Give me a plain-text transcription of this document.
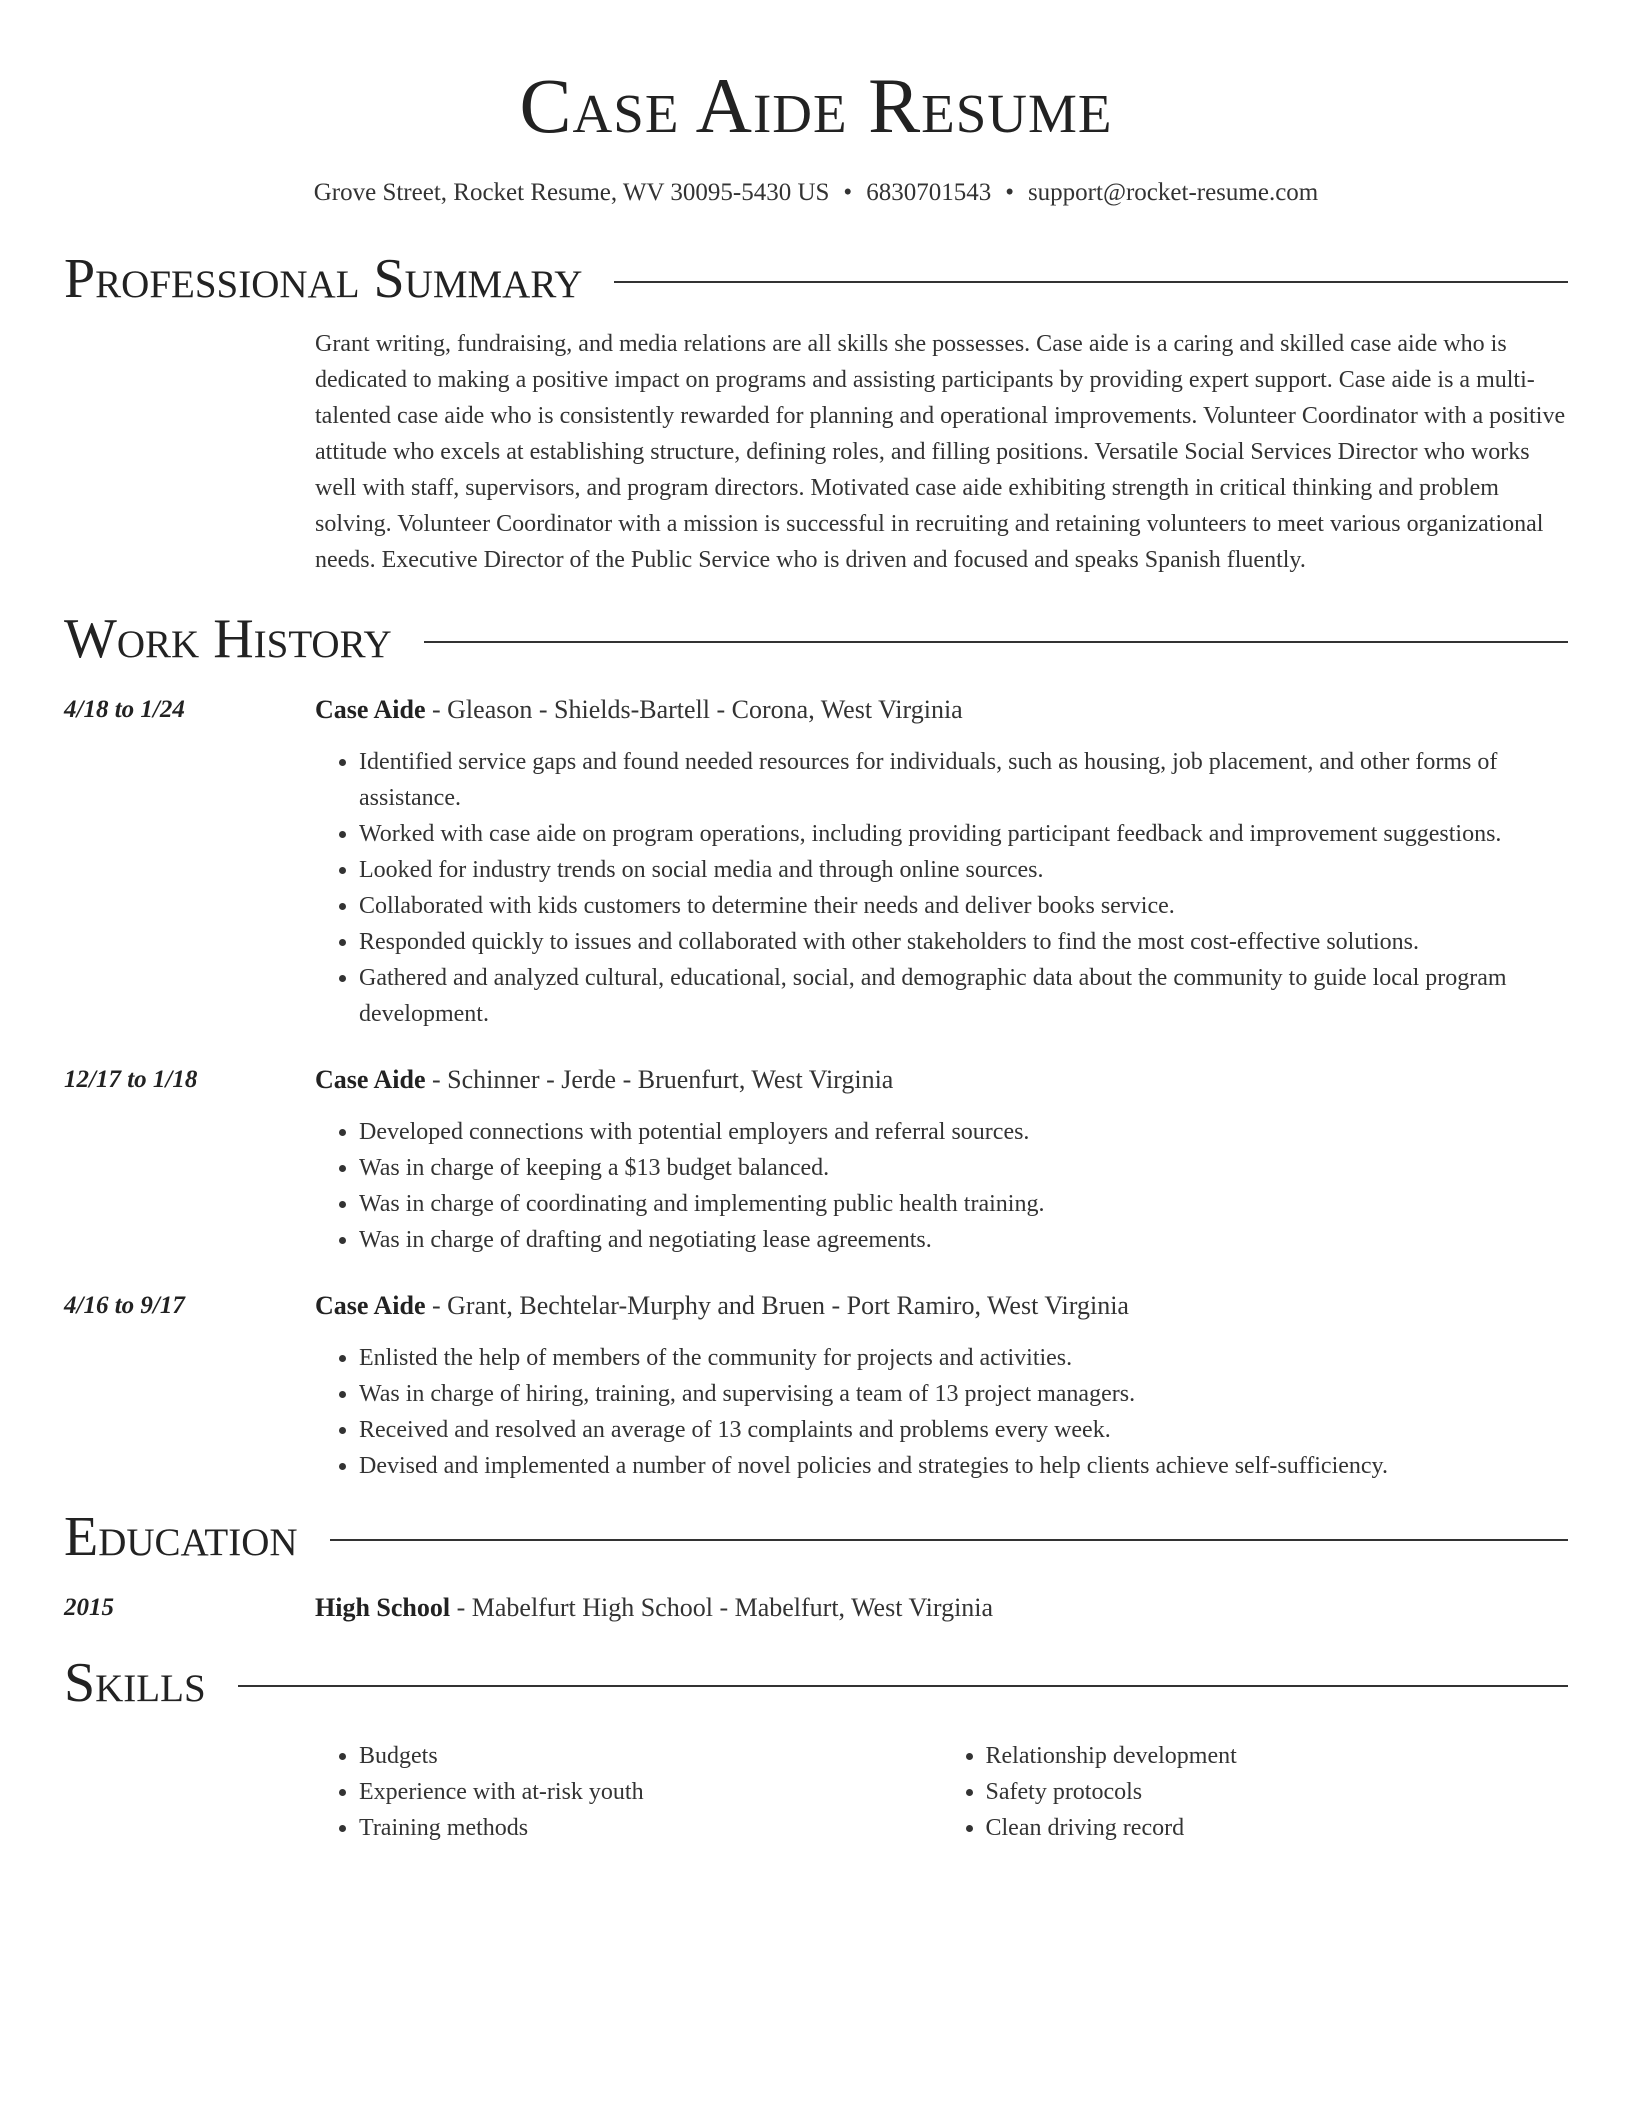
Case Aide Resume
Grove Street, Rocket Resume, WV 30095-5430 US • 6830701543 • support@rocket-resume.com
Professional Summary

Grant writing, fundraising, and media relations are all skills she possesses. Case aide is a caring and skilled case aide who is dedicated to making a positive impact on programs and assisting participants by providing expert support. Case aide is a multi-talented case aide who is consistently rewarded for planning and operational improvements. Volunteer Coordinator with a positive attitude who excels at establishing structure, defining roles, and filling positions. Versatile Social Services Director who works well with staff, supervisors, and program directors. Motivated case aide exhibiting strength in critical thinking and problem solving. Volunteer Coordinator with a mission is successful in recruiting and retaining volunteers to meet various organizational needs. Executive Director of the Public Service who is driven and focused and speaks Spanish fluently.

Work History
4/18 to 1/24	Case Aide - Gleason - Shields-Bartell - Corona, West Virginia
• Identified service gaps and found needed resources for individuals, such as housing, job placement, and other forms of assistance.
• Worked with case aide on program operations, including providing participant feedback and improvement suggestions.
• Looked for industry trends on social media and through online sources.
• Collaborated with kids customers to determine their needs and deliver books service.
• Responded quickly to issues and collaborated with other stakeholders to find the most cost-effective solutions.
• Gathered and analyzed cultural, educational, social, and demographic data about the community to guide local program development.
12/17 to 1/18	Case Aide - Schinner - Jerde - Bruenfurt, West Virginia
• Developed connections with potential employers and referral sources.
• Was in charge of keeping a $13 budget balanced.
• Was in charge of coordinating and implementing public health training.
• Was in charge of drafting and negotiating lease agreements.
4/16 to 9/17	Case Aide - Grant, Bechtelar-Murphy and Bruen - Port Ramiro, West Virginia
• Enlisted the help of members of the community for projects and activities.
• Was in charge of hiring, training, and supervising a team of 13 project managers.
• Received and resolved an average of 13 complaints and problems every week.
• Devised and implemented a number of novel policies and strategies to help clients achieve self-sufficiency.
Education
2015	High School - Mabelfurt High School - Mabelfurt, West Virginia
Skills
• Budgets
• Experience with at-risk youth
• Training methods
• Relationship development
• Safety protocols
• Clean driving record
